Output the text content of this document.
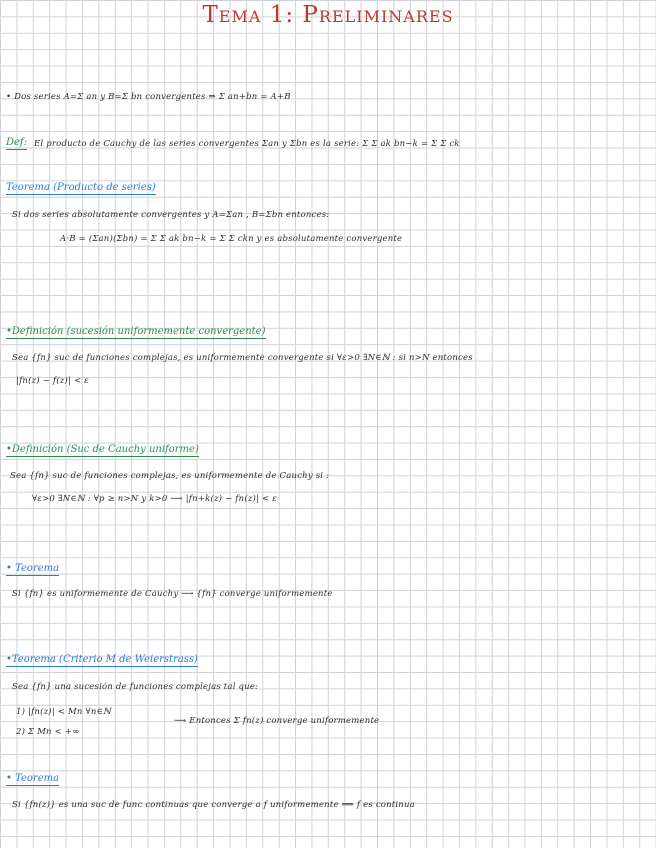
Tema 1: Preliminares
• Dos series A=Σ an y B=Σ bn convergentes ⇒ Σ an+bn = A+B
Def: El producto de Cauchy de las series convergentes Σan y Σbn es la serie: Σ Σ ak bn−k = Σ Σ ck
Teorema (Producto de series)
Si dos series absolutamente convergentes y A=Σan , B=Σbn entonces:
A·B = (Σan)(Σbn) = Σ Σ ak bn−k = Σ Σ ckn y es absolutamente convergente
•Definición (sucesión uniformemente convergente)
Sea {fn} suc de funciones complejas, es uniformemente convergente si ∀ε>0 ∃N∈ℕ : si n>N entonces
|fn(z) − f(z)| < ε
•Definición (Suc de Cauchy uniforme)
Sea {fn} suc de funciones complejas, es uniformemente de Cauchy si :
∀ε>0 ∃N∈ℕ : ∀p ≥ n>N y k>0 ⟶ |fn+k(z) − fn(z)| < ε
• Teorema
Si {fn} es uniformemente de Cauchy ⟶ {fn} converge uniformemente
•Teorema (Criterio M de Weierstrass)
Sea {fn} una sucesión de funciones complejas tal que:
1) |fn(z)| < Mn ∀n∈ℕ
⟶ Entonces Σ fn(z) converge uniformemente
2) Σ Mn < +∞
• Teorema
Si {fn(z)} es una suc de func continuas que converge a f uniformemente ⟹ f es continua
